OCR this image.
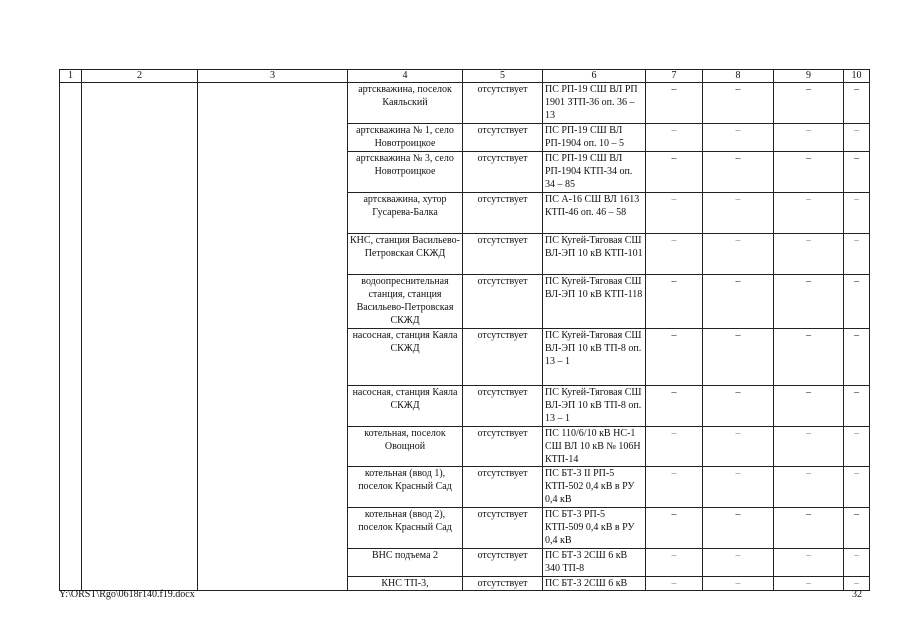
1	2	3	4	5	6	7	8	9	10
			артскважина, поселок Каяльский	отсутствует	ПС РП-19 СШ ВЛ РП 1901 ЗТП-36 оп. 36 – 13	–	–	–	–
			артскважина № 1, село Новотроицкое	отсутствует	ПС РП-19 СШ ВЛ РП-1904 оп. 10 – 5	–	–	–	–
			артскважина № 3, село Новотроицкое	отсутствует	ПС РП-19 СШ ВЛ РП-1904 КТП-34 оп. 34 – 85	–	–	–	–
			артскважина, хутор Гусарева-Балка	отсутствует	ПС А-16 СШ ВЛ 1613 КТП-46 оп. 46 – 58	–	–	–	–
			КНС, станция Васильево-Петровская СКЖД	отсутствует	ПС Кугей-Тяговая СШ ВЛ-ЭП 10 кВ КТП-101	–	–	–	–
			водоопреснительная станция, станция Васильево-Петровская СКЖД	отсутствует	ПС Кугей-Тяговая СШ ВЛ-ЭП 10 кВ КТП-118	–	–	–	–
			насосная, станция Каяла СКЖД	отсутствует	ПС Кугей-Тяговая СШ ВЛ-ЭП 10 кВ ТП-8 оп. 13 – 1	–	–	–	–
			насосная, станция Каяла СКЖД	отсутствует	ПС Кугей-Тяговая СШ ВЛ-ЭП 10 кВ ТП-8 оп. 13 – 1	–	–	–	–
			котельная, поселок Овощной	отсутствует	ПС 110/6/10 кВ НС-1 СШ ВЛ 10 кВ № 106Н КТП-14	–	–	–	–
			котельная (ввод 1), поселок Красный Сад	отсутствует	ПС БТ-3 II РП-5 КТП-502 0,4 кВ в РУ 0,4 кВ	–	–	–	–
			котельная (ввод 2), поселок Красный Сад	отсутствует	ПС БТ-3 РП-5 КТП-509 0,4 кВ в РУ 0,4 кВ	–	–	–	–
			ВНС подъема 2	отсутствует	ПС БТ-3 2СШ 6 кВ 340 ТП-8	–	–	–	–
			КНС ТП-3,	отсутствует	ПС БТ-3 2СШ 6 кВ	–	–	–	–
Y:\ORST\Rgo\0618r140.f19.docx	32
